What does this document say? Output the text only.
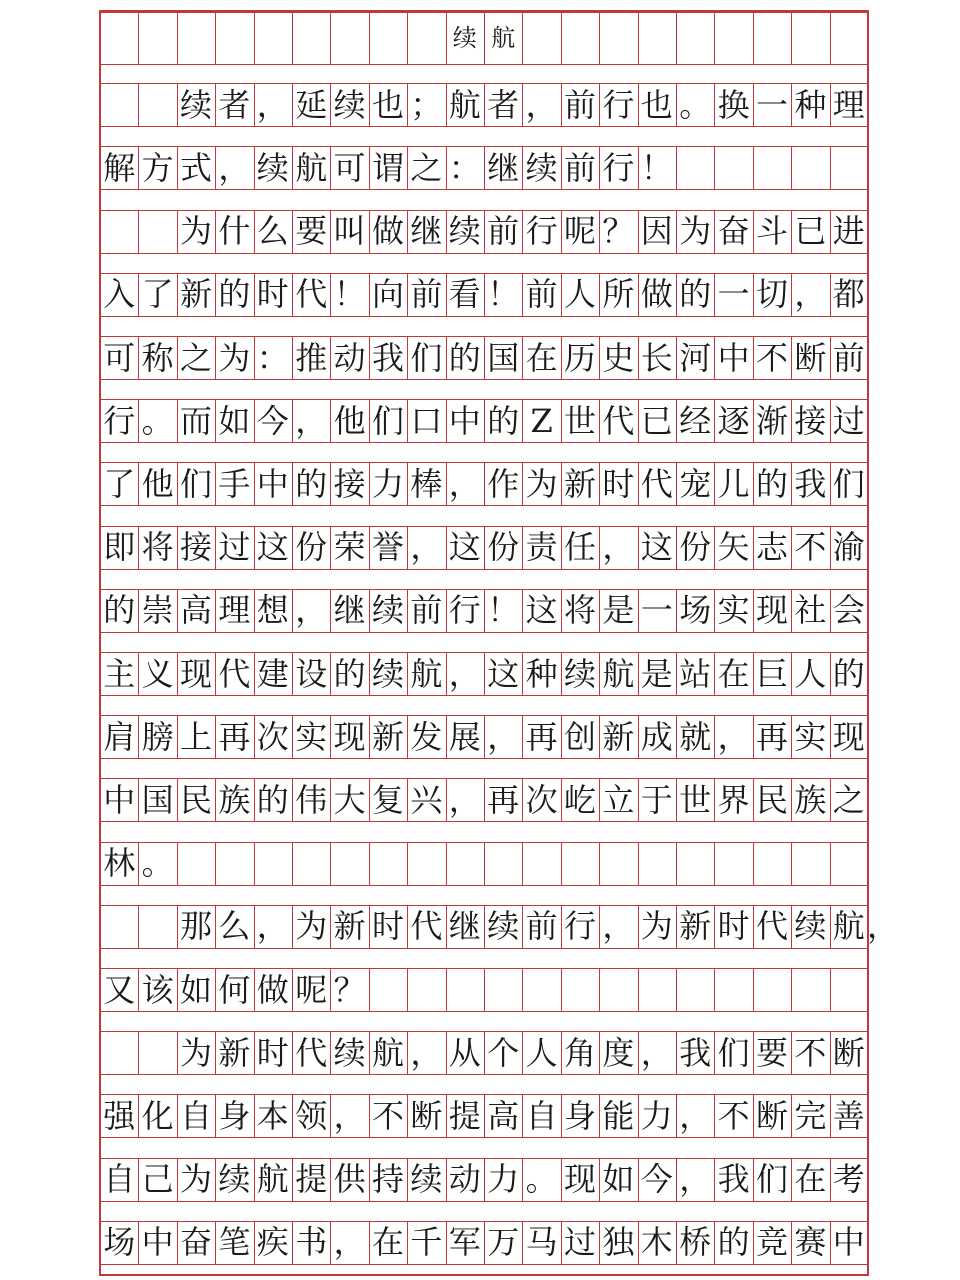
续 航
续 者 ， 延 续 也 ； 航 者 ， 前 行 也 。 换 一 种 理
解 方 式 ， 续 航 可 谓 之 ： 继 续 前 行 ！
为 什 么 要 叫 做 继 续 前 行 呢 ？ 因 为 奋 斗 已 进
入 了 新 的 时 代 ！ 向 前 看 ！ 前 人 所 做 的 一 切 ， 都
可 称 之 为 ： 推 动 我 们 的 国 在 历 史 长 河 中 不 断 前
行 。 而 如 今 ， 他 们 口 中 的 Z 世 代 已 经 逐 渐 接 过
了 他 们 手 中 的 接 力 棒 ， 作 为 新 时 代 宠 儿 的 我 们
即 将 接 过 这 份 荣 誉 ， 这 份 责 任 ， 这 份 矢 志 不 渝
的 崇 高 理 想 ， 继 续 前 行 ！ 这 将 是 一 场 实 现 社 会
主 义 现 代 建 设 的 续 航 ， 这 种 续 航 是 站 在 巨 人 的
肩 膀 上 再 次 实 现 新 发 展 ， 再 创 新 成 就 ， 再 实 现
中 国 民 族 的 伟 大 复 兴 ， 再 次 屹 立 于 世 界 民 族 之
林 。
那 么 ， 为 新 时 代 继 续 前 行 ， 为 新 时 代 续 航 ，
又 该 如 何 做 呢 ？
为 新 时 代 续 航 ， 从 个 人 角 度 ， 我 们 要 不 断
强 化 自 身 本 领 ， 不 断 提 高 自 身 能 力 ， 不 断 完 善
自 己 为 续 航 提 供 持 续 动 力 。 现 如 今 ， 我 们 在 考
场 中 奋 笔 疾 书 ， 在 千 军 万 马 过 独 木 桥 的 竞 赛 中
